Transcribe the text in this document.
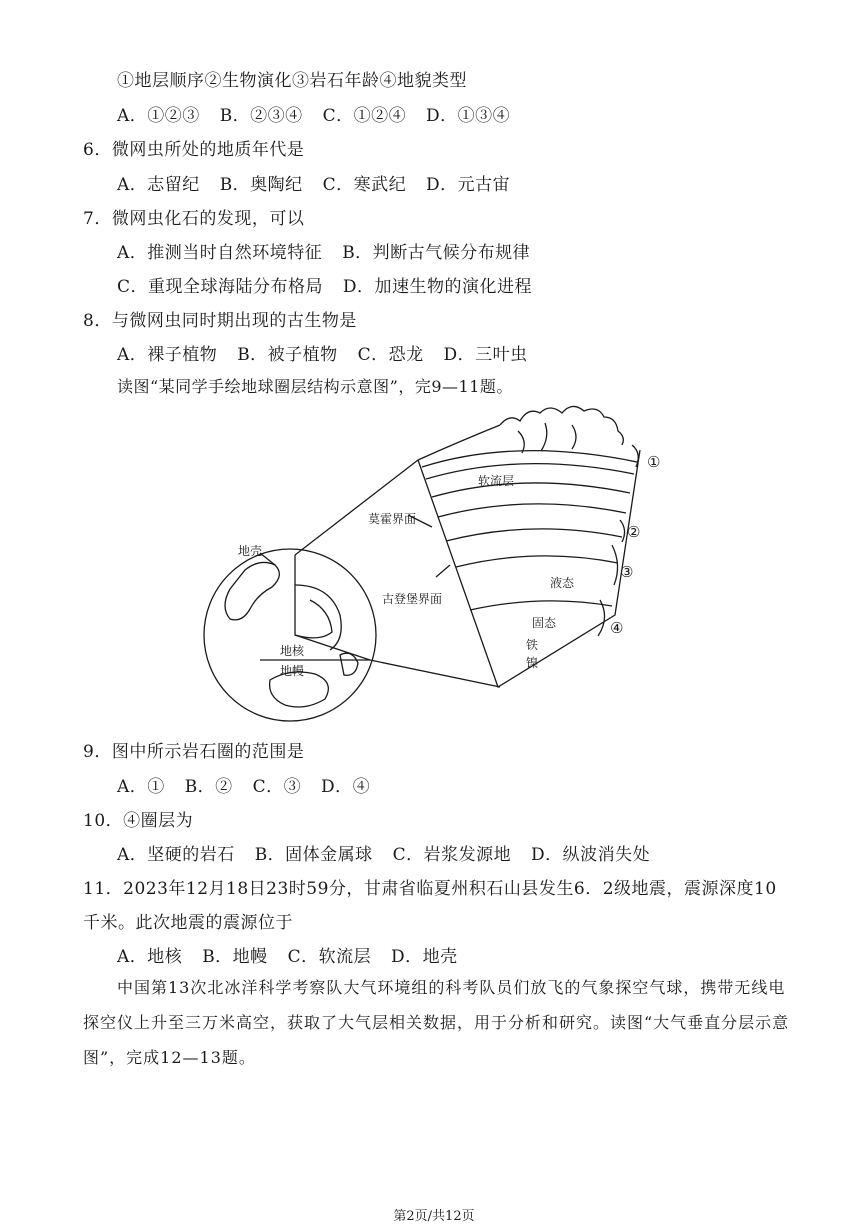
①地层顺序②生物演化③岩石年龄④地貌类型
A．①②③ B．②③④ C．①②④ D．①③④
6．微网虫所处的地质年代是
A．志留纪 B．奥陶纪 C．寒武纪 D．元古宙
7．微网虫化石的发现，可以
A．推测当时自然环境特征 B．判断古气候分布规律
C．重现全球海陆分布格局 D．加速生物的演化进程
8．与微网虫同时期出现的古生物是
A．裸子植物 B．被子植物 C．恐龙 D．三叶虫
读图“某同学手绘地球圈层结构示意图”，完9—11题。
地壳
地核
地幔
软流层
莫霍界面
古登堡界面
液态
固态
铁
镍
①
②
③
④
9．图中所示岩石圈的范围是
A．① B．② C．③ D．④
10．④圈层为
A．坚硬的岩石 B．固体金属球 C．岩浆发源地 D．纵波消失处
11．2023年12月18日23时59分，甘肃省临夏州积石山县发生6．2级地震，震源深度10
千米。此次地震的震源位于
A．地核 B．地幔 C．软流层 D．地壳
中国第13次北冰洋科学考察队大气环境组的科考队员们放飞的气象探空气球，携带无线电探空仪上升至三万米高空，获取了大气层相关数据，用于分析和研究。读图“大气垂直分层示意图”，完成12—13题。
第2页/共12页
